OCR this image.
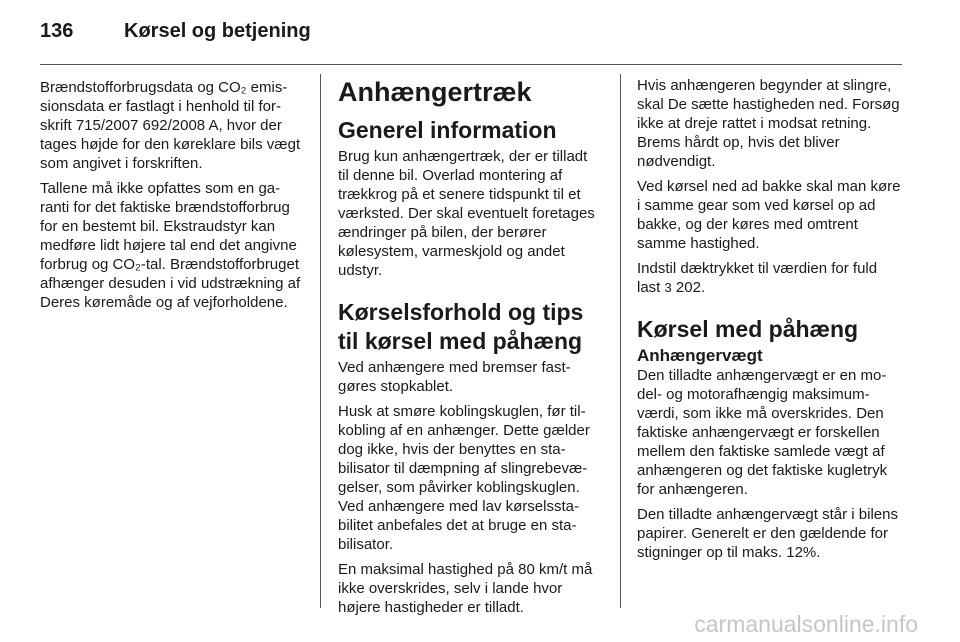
136	Kørsel og betjening

Brændstofforbrugsdata og CO₂ emissionsdata er fastlagt i henhold til forskrift 715/2007 692/2008 A, hvor der tages højde for den køreklare bils vægt som angivet i forskriften.

Tallene må ikke opfattes som en garanti for det faktiske brændstofforbrug for en bestemt bil. Ekstraudstyr kan medføre lidt højere tal end det angivne forbrug og CO₂-tal. Brændstofforbruget afhænger desuden i vid udstrækning af Deres køremåde og af vejforholdene.

Anhængertræk
Generel information

Brug kun anhængertræk, der er tilladt til denne bil. Overlad montering af trækkrog på et senere tidspunkt til et værksted. Der skal eventuelt foretages ændringer på bilen, der berører kølesystem, varmeskjold og andet udstyr.

Kørselsforhold og tips til kørsel med påhæng

Ved anhængere med bremser fastgøres stopkablet.

Husk at smøre koblingskuglen, før tilkobling af en anhænger. Dette gælder dog ikke, hvis der benyttes en stabilisator til dæmpning af slingrebevægelser, som påvirker koblingskuglen. Ved anhængere med lav kørselsstabilitet anbefales det at bruge en stabilisator.

En maksimal hastighed på 80 km/t må ikke overskrides, selv i lande hvor højere hastigheder er tilladt.

Hvis anhængeren begynder at slingre, skal De sætte hastigheden ned. Forsøg ikke at dreje rattet i modsat retning. Brems hårdt op, hvis det bliver nødvendigt.

Ved kørsel ned ad bakke skal man køre i samme gear som ved kørsel op ad bakke, og der køres med omtrent samme hastighed.

Indstil dæktrykket til værdien for fuld last 3 202.

Kørsel med påhæng
Anhængervægt

Den tilladte anhængervægt er en model- og motorafhængig maksimumværdi, som ikke må overskrides. Den faktiske anhængervægt er forskellen mellem den faktiske samlede vægt af anhængeren og det faktiske kugletryk for anhængeren.

Den tilladte anhængervægt står i bilens papirer. Generelt er den gældende for stigninger op til maks. 12%.

carmanualsonline.info
